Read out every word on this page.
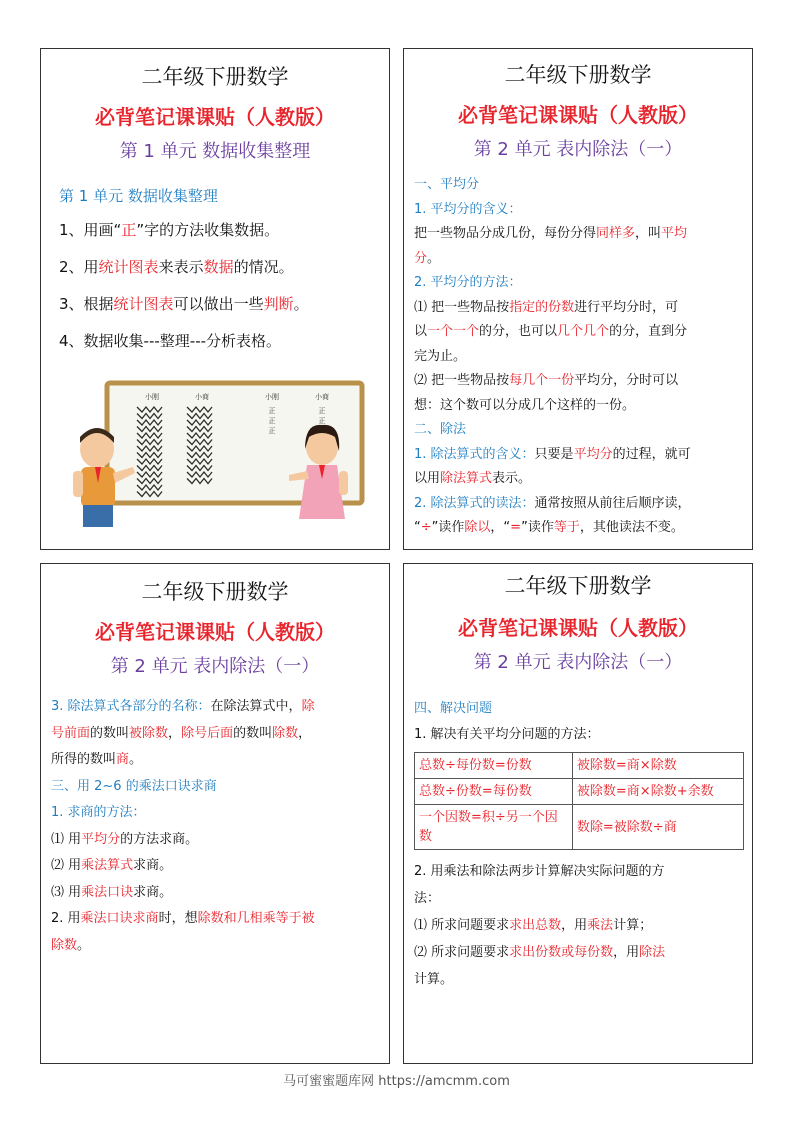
二年级下册数学
必背笔记课课贴（人教版）
第 1 单元 数据收集整理
第 1 单元 数据收集整理
1、用画“正”字的方法收集数据。
2、用统计图表来表示数据的情况。
3、根据统计图表可以做出一些判断。
4、数据收集---整理---分析表格。
小刚	小商	小刚	小商
正
正
正
正
正
二年级下册数学
必背笔记课课贴（人教版）
第 2 单元 表内除法（一）
一、平均分
1. 平均分的含义：
把一些物品分成几份，每份分得同样多，叫平均
分。
2. 平均分的方法：
⑴ 把一些物品按指定的份数进行平均分时，可
以一个一个的分，也可以几个几个的分，直到分
完为止。
⑵ 把一些物品按每几个一份平均分，分时可以
想：这个数可以分成几个这样的一份。
二、除法
1. 除法算式的含义：只要是平均分的过程，就可
以用除法算式表示。
2. 除法算式的读法：通常按照从前往后顺序读，
“÷”读作除以，“=”读作等于，其他读法不变。
二年级下册数学
必背笔记课课贴（人教版）
第 2 单元 表内除法（一）
3. 除法算式各部分的名称：在除法算式中，除
号前面的数叫被除数，除号后面的数叫除数，
所得的数叫商。
三、用 2~6 的乘法口诀求商
1. 求商的方法：
⑴ 用平均分的方法求商。
⑵ 用乘法算式求商。
⑶ 用乘法口诀求商。
2. 用乘法口诀求商时，想除数和几相乘等于被
除数。
二年级下册数学
必背笔记课课贴（人教版）
第 2 单元 表内除法（一）
四、解决问题
1. 解决有关平均分问题的方法：
总数÷每份数=份数	被除数=商×除数
总数÷份数=每份数	被除数=商×除数+余数
一个因数=积÷另一个因数	数除=被除数÷商
2. 用乘法和除法两步计算解决实际问题的方
法：
⑴ 所求问题要求求出总数，用乘法计算；
⑵ 所求问题要求求出份数或每份数，用除法
计算。
马可蜜蜜题库网 https://amcmm.com
